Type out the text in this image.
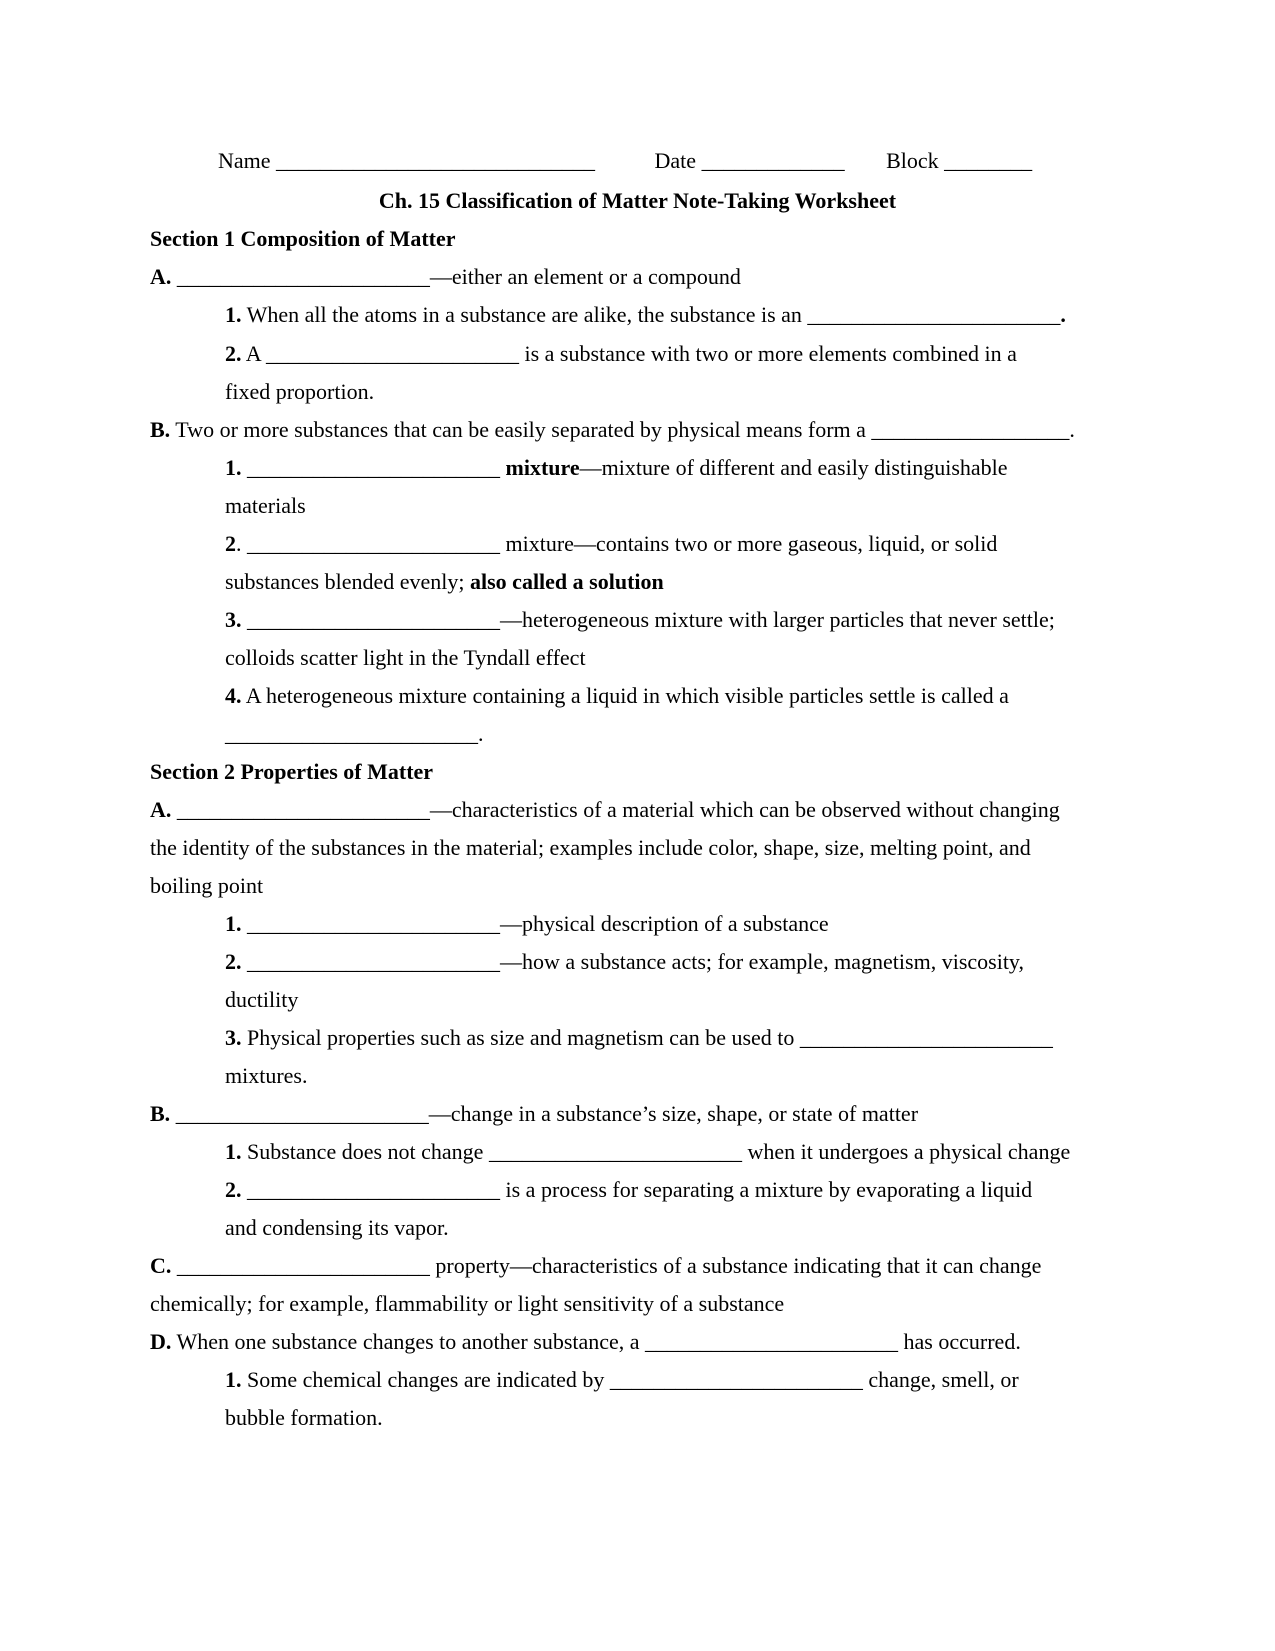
Name _____________________________	Date _____________ Block ________
Ch. 15 Classification of Matter Note-Taking Worksheet
Section 1 Composition of Matter
A. _______________________—either an element or a compound
1. When all the atoms in a substance are alike, the substance is an _______________________.
2. A _______________________ is a substance with two or more elements combined in a
fixed proportion.
B. Two or more substances that can be easily separated by physical means form a __________________.
1. _______________________ mixture—mixture of different and easily distinguishable
materials
2. _______________________ mixture—contains two or more gaseous, liquid, or solid
substances blended evenly; also called a solution
3. _______________________—heterogeneous mixture with larger particles that never settle;
colloids scatter light in the Tyndall effect
4. A heterogeneous mixture containing a liquid in which visible particles settle is called a
_______________________.
Section 2 Properties of Matter
A. _______________________—characteristics of a material which can be observed without changing
the identity of the substances in the material; examples include color, shape, size, melting point, and
boiling point
1. _______________________—physical description of a substance
2. _______________________—how a substance acts; for example, magnetism, viscosity,
ductility
3. Physical properties such as size and magnetism can be used to _______________________
mixtures.
B. _______________________—change in a substance’s size, shape, or state of matter
1. Substance does not change _______________________ when it undergoes a physical change
2. _______________________ is a process for separating a mixture by evaporating a liquid
and condensing its vapor.
C. _______________________ property—characteristics of a substance indicating that it can change
chemically; for example, flammability or light sensitivity of a substance
D. When one substance changes to another substance, a _______________________ has occurred.
1. Some chemical changes are indicated by _______________________ change, smell, or
bubble formation.
